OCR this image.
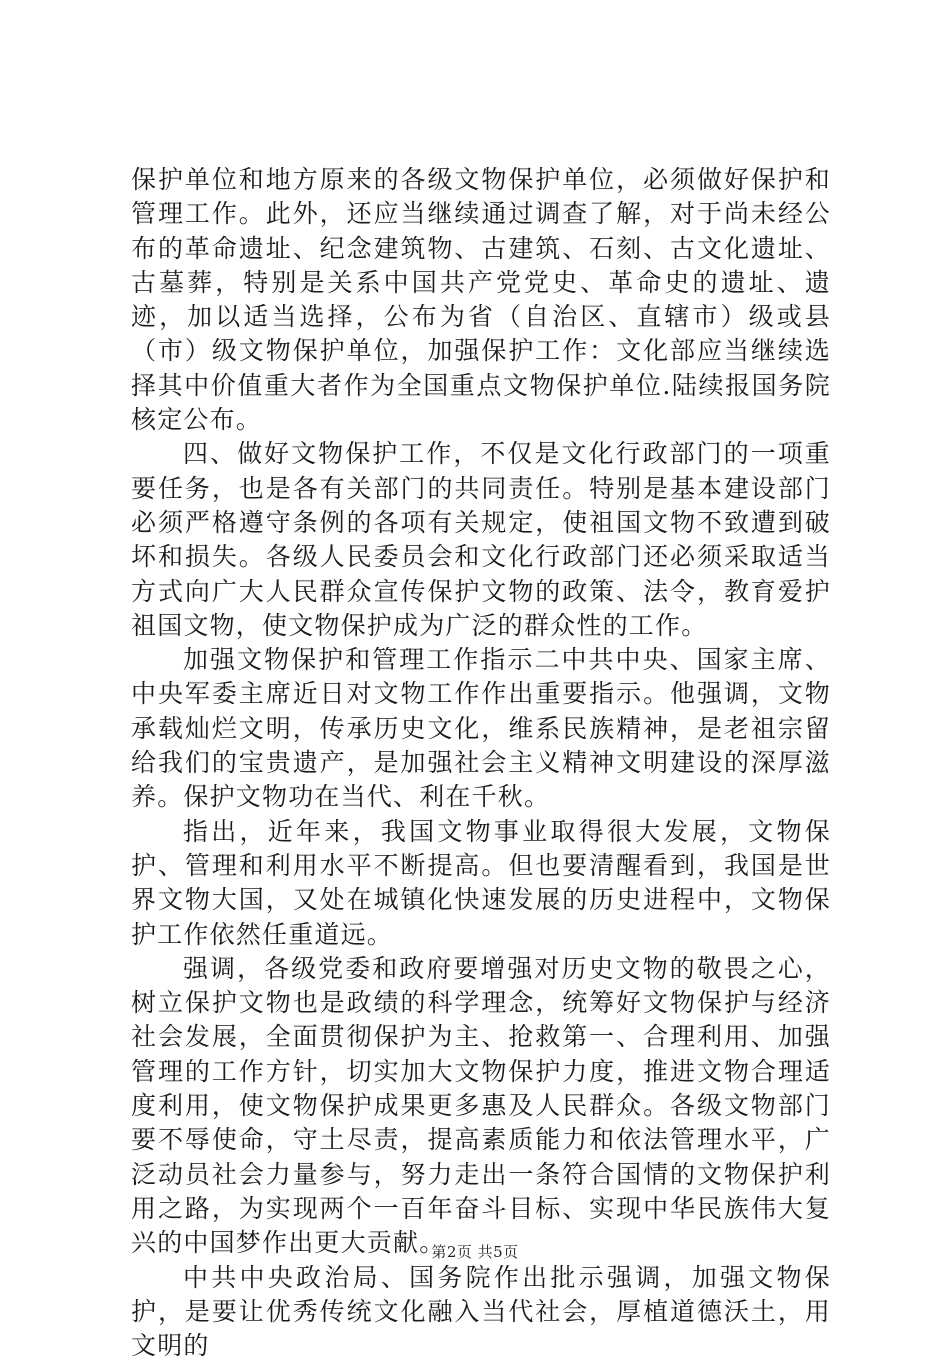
保护单位和地方原来的各级文物保护单位，必须做好保护和管理工作。此外，还应当继续通过调查了解，对于尚未经公布的革命遗址、纪念建筑物、古建筑、石刻、古文化遗址、古墓葬，特别是关系中国共产党党史、革命史的遗址、遗迹，加以适当选择，公布为省（自治区、直辖市）级或县（市）级文物保护单位，加强保护工作：文化部应当继续选择其中价值重大者作为全国重点文物保护单位.陆续报国务院核定公布。

四、做好文物保护工作，不仅是文化行政部门的一项重要任务，也是各有关部门的共同责任。特别是基本建设部门必须严格遵守条例的各项有关规定，使祖国文物不致遭到破坏和损失。各级人民委员会和文化行政部门还必须采取适当方式向广大人民群众宣传保护文物的政策、法令，教育爱护祖国文物，使文物保护成为广泛的群众性的工作。

加强文物保护和管理工作指示二中共中央、国家主席、中央军委主席近日对文物工作作出重要指示。他强调，文物承载灿烂文明，传承历史文化，维系民族精神，是老祖宗留给我们的宝贵遗产，是加强社会主义精神文明建设的深厚滋养。保护文物功在当代、利在千秋。

指出，近年来，我国文物事业取得很大发展，文物保护、管理和利用水平不断提高。但也要清醒看到，我国是世界文物大国，又处在城镇化快速发展的历史进程中，文物保护工作依然任重道远。

强调，各级党委和政府要增强对历史文物的敬畏之心，树立保护文物也是政绩的科学理念，统筹好文物保护与经济社会发展，全面贯彻保护为主、抢救第一、合理利用、加强管理的工作方针，切实加大文物保护力度，推进文物合理适度利用，使文物保护成果更多惠及人民群众。各级文物部门要不辱使命，守土尽责，提高素质能力和依法管理水平，广泛动员社会力量参与，努力走出一条符合国情的文物保护利用之路，为实现两个一百年奋斗目标、实现中华民族伟大复兴的中国梦作出更大贡献。

中共中央政治局、国务院作出批示强调，加强文物保护，是要让优秀传统文化融入当代社会，厚植道德沃土，用文明的

第2页 共5页
